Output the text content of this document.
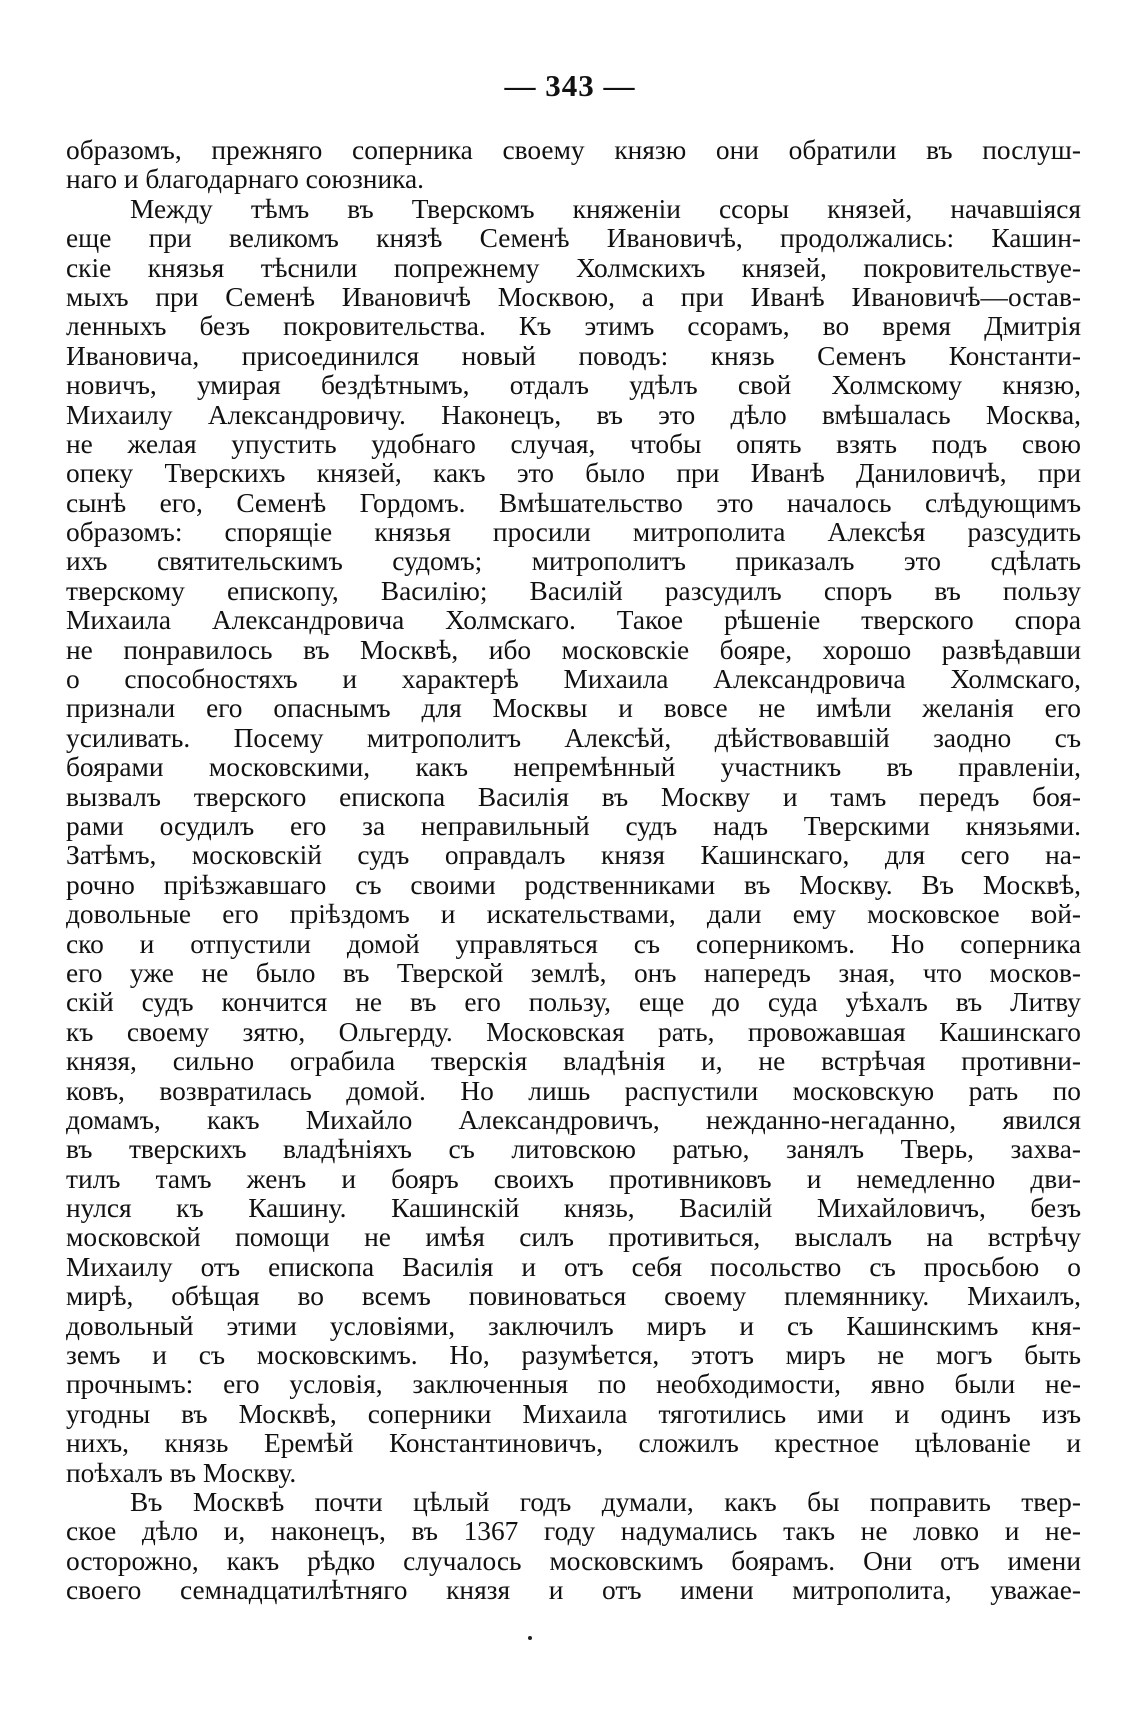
— 343 —
образомъ, прежняго соперника своему князю они обратили въ послуш-
наго и благодарнаго союзника.
Между тѣмъ въ Тверскомъ княженіи ссоры князей, начавшіяся
еще при великомъ князѣ Семенѣ Ивановичѣ, продолжались: Кашин-
скіе князья тѣснили попрежнему Холмскихъ князей, покровительствуе-
мыхъ при Семенѣ Ивановичѣ Москвою, а при Иванѣ Ивановичѣ—остав-
ленныхъ безъ покровительства. Къ этимъ ссорамъ, во время Дмитрія
Ивановича, присоединился новый поводъ: князь Семенъ Константи-
новичъ, умирая бездѣтнымъ, отдалъ удѣлъ свой Холмскому князю,
Михаилу Александровичу. Наконецъ, въ это дѣло вмѣшалась Москва,
не желая упустить удобнаго случая, чтобы опять взять подъ свою
опеку Тверскихъ князей, какъ это было при Иванѣ Даниловичѣ, при
сынѣ его, Семенѣ Гордомъ. Вмѣшательство это началось слѣдующимъ
образомъ: спорящіе князья просили митрополита Алексѣя разсудить
ихъ святительскимъ судомъ; митрополитъ приказалъ это сдѣлать
тверскому епископу, Василію; Василій разсудилъ споръ въ пользу
Михаила Александровича Холмскаго. Такое рѣшеніе тверского спора
не понравилось въ Москвѣ, ибо московскіе бояре, хорошо развѣдавши
о способностяхъ и характерѣ Михаила Александровича Холмскаго,
признали его опаснымъ для Москвы и вовсе не имѣли желанія его
усиливать. Посему митрополитъ Алексѣй, дѣйствовавшій заодно съ
боярами московскими, какъ непремѣнный участникъ въ правленіи,
вызвалъ тверского епископа Василія въ Москву и тамъ передъ боя-
рами осудилъ его за неправильный судъ надъ Тверскими князьями.
Затѣмъ, московскій судъ оправдалъ князя Кашинскаго, для сего на-
рочно пріѣзжавшаго съ своими родственниками въ Москву. Въ Москвѣ,
довольные его пріѣздомъ и искательствами, дали ему московское вой-
ско и отпустили домой управляться съ соперникомъ. Но соперника
его уже не было въ Тверской землѣ, онъ напередъ зная, что москов-
скій судъ кончится не въ его пользу, еще до суда уѣхалъ въ Литву
къ своему зятю, Ольгерду. Московская рать, провожавшая Кашинскаго
князя, сильно ограбила тверскія владѣнія и, не встрѣчая противни-
ковъ, возвратилась домой. Но лишь распустили московскую рать по
домамъ, какъ Михайло Александровичъ, нежданно-негаданно, явился
въ тверскихъ владѣніяхъ съ литовскою ратью, занялъ Тверь, захва-
тилъ тамъ женъ и бояръ своихъ противниковъ и немедленно дви-
нулся къ Кашину. Кашинскій князь, Василій Михайловичъ, безъ
московской помощи не имѣя силъ противиться, выслалъ на встрѣчу
Михаилу отъ епископа Василія и отъ себя посольство съ просьбою о
мирѣ, обѣщая во всемъ повиноваться своему племяннику. Михаилъ,
довольный этими условіями, заключилъ миръ и съ Кашинскимъ кня-
земъ и съ московскимъ. Но, разумѣется, этотъ миръ не могъ быть
прочнымъ: его условія, заключенныя по необходимости, явно были не-
угодны въ Москвѣ, соперники Михаила тяготились ими и одинъ изъ
нихъ, князь Еремѣй Константиновичъ, сложилъ крестное цѣлованіе и
поѣхалъ въ Москву.
Въ Москвѣ почти цѣлый годъ думали, какъ бы поправить твер-
ское дѣло и, наконецъ, въ 1367 году надумались такъ не ловко и не-
осторожно, какъ рѣдко случалось московскимъ боярамъ. Они отъ имени
своего семнадцатилѣтняго князя и отъ имени митрополита, уважае-
